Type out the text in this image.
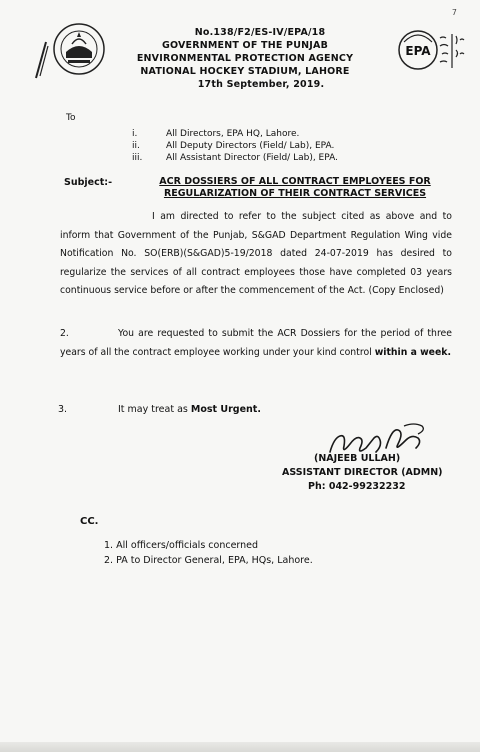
7
EPA
No.138/F2/ES-IV/EPA/18
GOVERNMENT OF THE PUNJAB
ENVIRONMENTAL PROTECTION AGENCY
NATIONAL HOCKEY STADIUM, LAHORE
17th September, 2019.
To
i.	All Directors, EPA HQ, Lahore.
ii.	All Deputy Directors (Field/ Lab), EPA.
iii.	All Assistant Director (Field/ Lab), EPA.
Subject:-	ACR DOSSIERS OF ALL CONTRACT EMPLOYEES FOR
REGULARIZATION OF THEIR CONTRACT SERVICES
I am directed to refer to the subject cited as above and to inform that Government of the Punjab, S&GAD Department Regulation Wing vide Notification No. SO(ERB)(S&GAD)5-19/2018 dated 24-07-2019 has desired to regularize the services of all contract employees those have completed 03 years continuous service before or after the commencement of the Act. (Copy Enclosed)
2.	You are requested to submit the ACR Dossiers for the period of three years of all the contract employee working under your kind control within a week.
3.	It may treat as Most Urgent.
(NAJEEB ULLAH)
ASSISTANT DIRECTOR (ADMN)
Ph: 042-99232232
CC.
1. All officers/officials concerned
2. PA to Director General, EPA, HQs, Lahore.
